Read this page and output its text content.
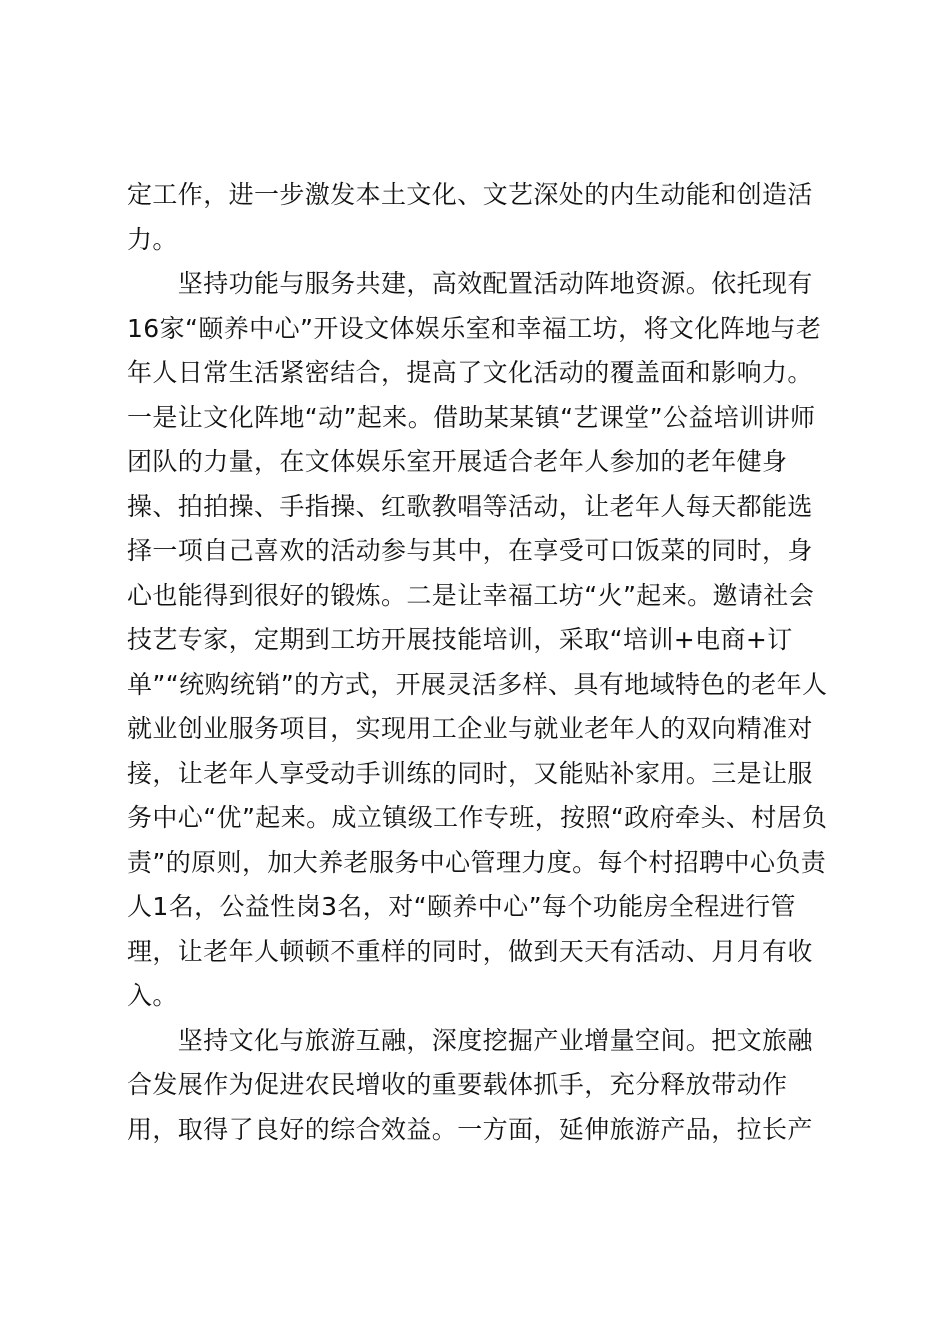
定工作，进一步激发本土文化、文艺深处的内生动能和创造活
力。
　　坚持功能与服务共建，高效配置活动阵地资源。依托现有
16家“颐养中心”开设文体娱乐室和幸福工坊，将文化阵地与老
年人日常生活紧密结合，提高了文化活动的覆盖面和影响力。
一是让文化阵地“动”起来。借助某某镇“艺课堂”公益培训讲师
团队的力量，在文体娱乐室开展适合老年人参加的老年健身
操、拍拍操、手指操、红歌教唱等活动，让老年人每天都能选
择一项自己喜欢的活动参与其中，在享受可口饭菜的同时，身
心也能得到很好的锻炼。二是让幸福工坊“火”起来。邀请社会
技艺专家，定期到工坊开展技能培训，采取“培训+电商+订
单”“统购统销”的方式，开展灵活多样、具有地域特色的老年人
就业创业服务项目，实现用工企业与就业老年人的双向精准对
接，让老年人享受动手训练的同时，又能贴补家用。三是让服
务中心“优”起来。成立镇级工作专班，按照“政府牵头、村居负
责”的原则，加大养老服务中心管理力度。每个村招聘中心负责
人1名，公益性岗3名，对“颐养中心”每个功能房全程进行管
理，让老年人顿顿不重样的同时，做到天天有活动、月月有收
入。
　　坚持文化与旅游互融，深度挖掘产业增量空间。把文旅融
合发展作为促进农民增收的重要载体抓手，充分释放带动作
用，取得了良好的综合效益。一方面，延伸旅游产品，拉长产
